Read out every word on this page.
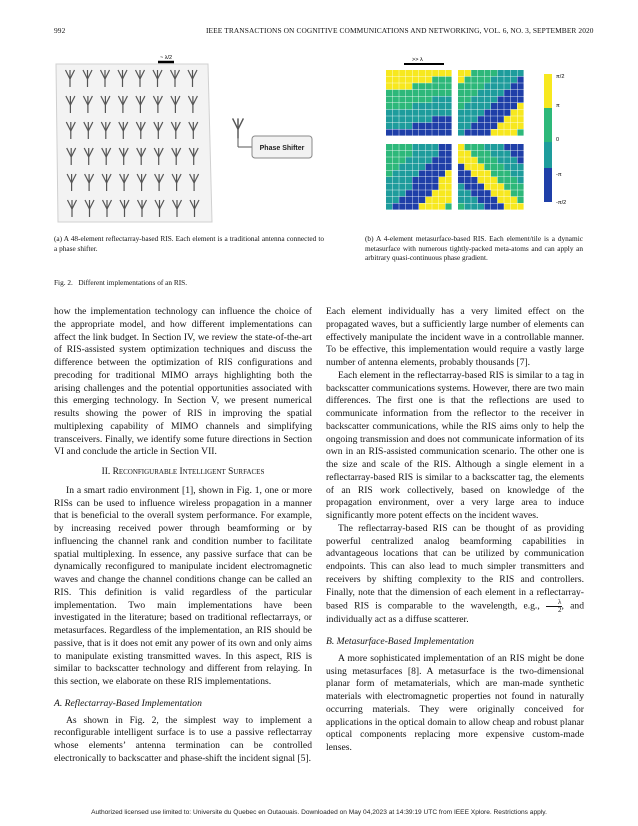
992	IEEE TRANSACTIONS ON COGNITIVE COMMUNICATIONS AND NETWORKING, VOL. 6, NO. 3, SEPTEMBER 2020
~ λ/2
Phase Shifter
>> λ
π/2
π
0
-π
-π/2
(a) A 48-element reflectarray-based RIS. Each element is a traditional antenna connected to a phase shifter.
(b) A 4-element metasurface-based RIS. Each element/tile is a dynamic metasurface with numerous tightly-packed meta-atoms and can apply an arbitrary quasi-continuous phase gradient.
Fig. 2.   Different implementations of an RIS.

how the implementation technology can influence the choice of the appropriate model, and how different implementations can affect the link budget. In Section IV, we review the state-of-the-art of RIS-assisted system optimization techniques and discuss the difference between the optimization of RIS configurations and precoding for traditional MIMO arrays highlighting both the arising challenges and the potential opportunities associated with this emerging technology. In Section V, we present numerical results showing the power of RIS in improving the spatial multiplexing capability of MIMO channels and simplifying transceivers. Finally, we identify some future directions in Section VI and conclude the article in Section VII.

II. Reconfigurable Intelligent Surfaces

In a smart radio environment [1], shown in Fig. 1, one or more RISs can be used to influence wireless propagation in a manner that is beneficial to the overall system performance. For example, by increasing received power through beamforming or by influencing the channel rank and condition number to facilitate spatial multiplexing. In essence, any passive surface that can be dynamically reconfigured to manipulate incident electromagnetic waves and change the channel conditions change can be called an RIS. This definition is valid regardless of the particular implementation. Two main implementations have been investigated in the literature; based on traditional reflectarrays, or metasurfaces. Regardless of the implementation, an RIS should be passive, that is it does not emit any power of its own and only aims to manipulate existing transmitted waves. In this aspect, RIS is similar to backscatter technology and different from relaying. In this section, we elaborate on these RIS implementations.

A. Reflectarray-Based Implementation

As shown in Fig. 2, the simplest way to implement a reconfigurable intelligent surface is to use a passive reflectarray whose elements’ antenna termination can be controlled electronically to backscatter and phase-shift the incident signal [5].

Each element individually has a very limited effect on the propagated waves, but a sufficiently large number of elements can effectively manipulate the incident wave in a controllable manner. To be effective, this implementation would require a vastly large number of antenna elements, probably thousands [7].

Each element in the reflectarray-based RIS is similar to a tag in backscatter communications systems. However, there are two main differences. The first one is that the reflections are used to communicate information from the reflector to the receiver in backscatter communications, while the RIS aims only to help the ongoing transmission and does not communicate information of its own in an RIS-assisted communication scenario. The other one is the size and scale of the RIS. Although a single element in a reflectarray-based RIS is similar to a backscatter tag, the elements of an RIS work collectively, based on knowledge of the propagation environment, over a very large area to induce significantly more potent effects on the incident waves.

The reflectarray-based RIS can be thought of as providing powerful centralized analog beamforming capabilities in advantageous locations that can be utilized by communication endpoints. This can also lead to much simpler transmitters and receivers by shifting complexity to the RIS and controllers. Finally, note that the dimension of each element in a reflectarray-based RIS is comparable to the wavelength, e.g., $\frac{\lambda}{2}$ , and individually act as a diffuse scatterer.

B. Metasurface-Based Implementation

A more sophisticated implementation of an RIS might be done using metasurfaces [8]. A metasurface is the two-dimensional planar form of metamaterials, which are man-made synthetic materials with electromagnetic properties not found in naturally occurring materials. They were originally conceived for applications in the optical domain to allow cheap and robust planar optical components replacing more expensive custom-made lenses.

Authorized licensed use limited to: Universite du Quebec en Outaouais. Downloaded on May 04,2023 at 14:39:19 UTC from IEEE Xplore. Restrictions apply.
